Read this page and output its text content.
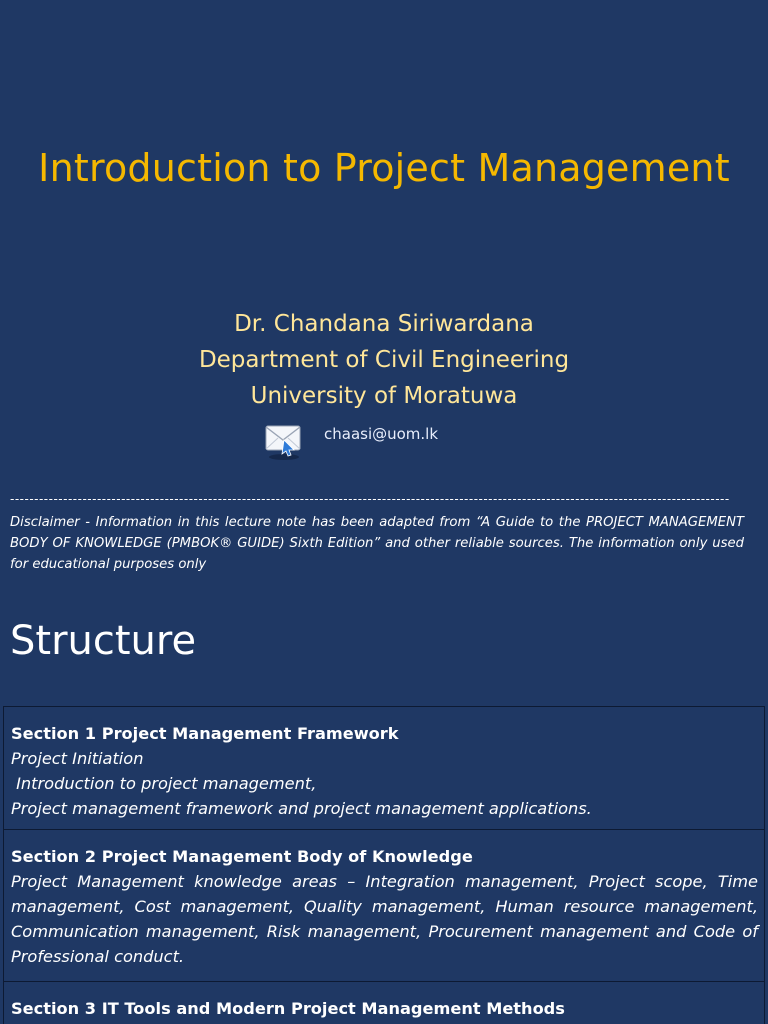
Introduction to Project Management
Dr. Chandana Siriwardana
Department of Civil Engineering
University of Moratuwa
chaasi@uom.lk
-----------------------------------------------------------------------------------------------------------------------------------------------------
Disclaimer - Information in this lecture note has been adapted from “A Guide to the PROJECT MANAGEMENT BODY OF KNOWLEDGE (PMBOK® GUIDE) Sixth Edition” and other reliable sources. The information only used for educational purposes only
Structure
Section 1 Project Management Framework
Project Initiation
Introduction to project management,
Project management framework and project management applications.

Section 2 Project Management Body of Knowledge
Project Management knowledge areas – Integration management, Project scope, Time management, Cost management, Quality management, Human resource management, Communication management, Risk management, Procurement management and Code of Professional conduct.

Section 3 IT Tools and Modern Project Management Methods
